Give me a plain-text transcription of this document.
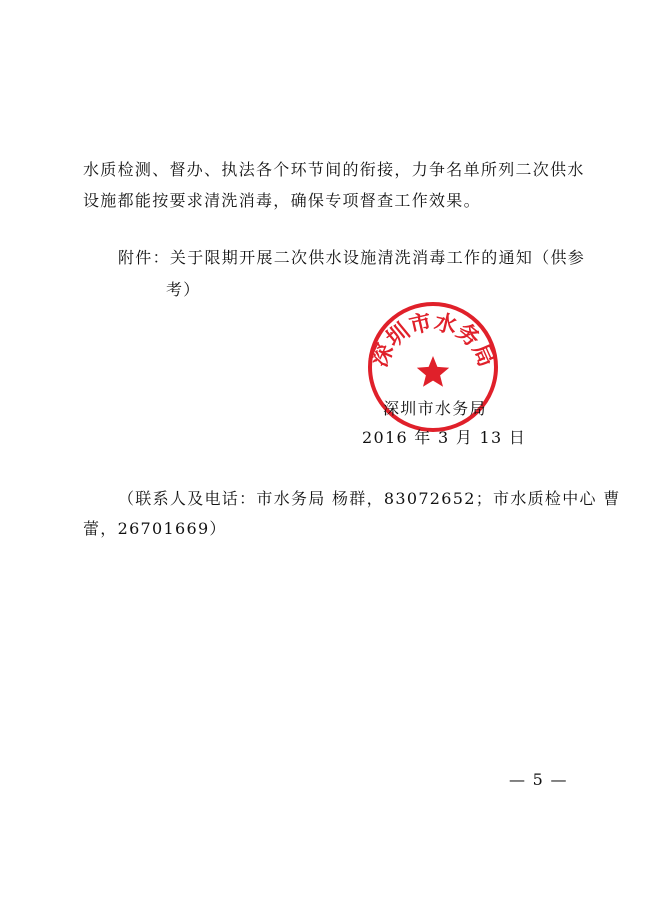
水质检测、督办、执法各个环节间的衔接，力争名单所列二次供水
设施都能按要求清洗消毒，确保专项督查工作效果。
附件：关于限期开展二次供水设施清洗消毒工作的通知（供参
考）
深圳市水务局
深圳市水务局
2016 年 3 月 13 日
（联系人及电话：市水务局 杨群，83072652；市水质检中心 曹
蕾，26701669）
— 5 —
